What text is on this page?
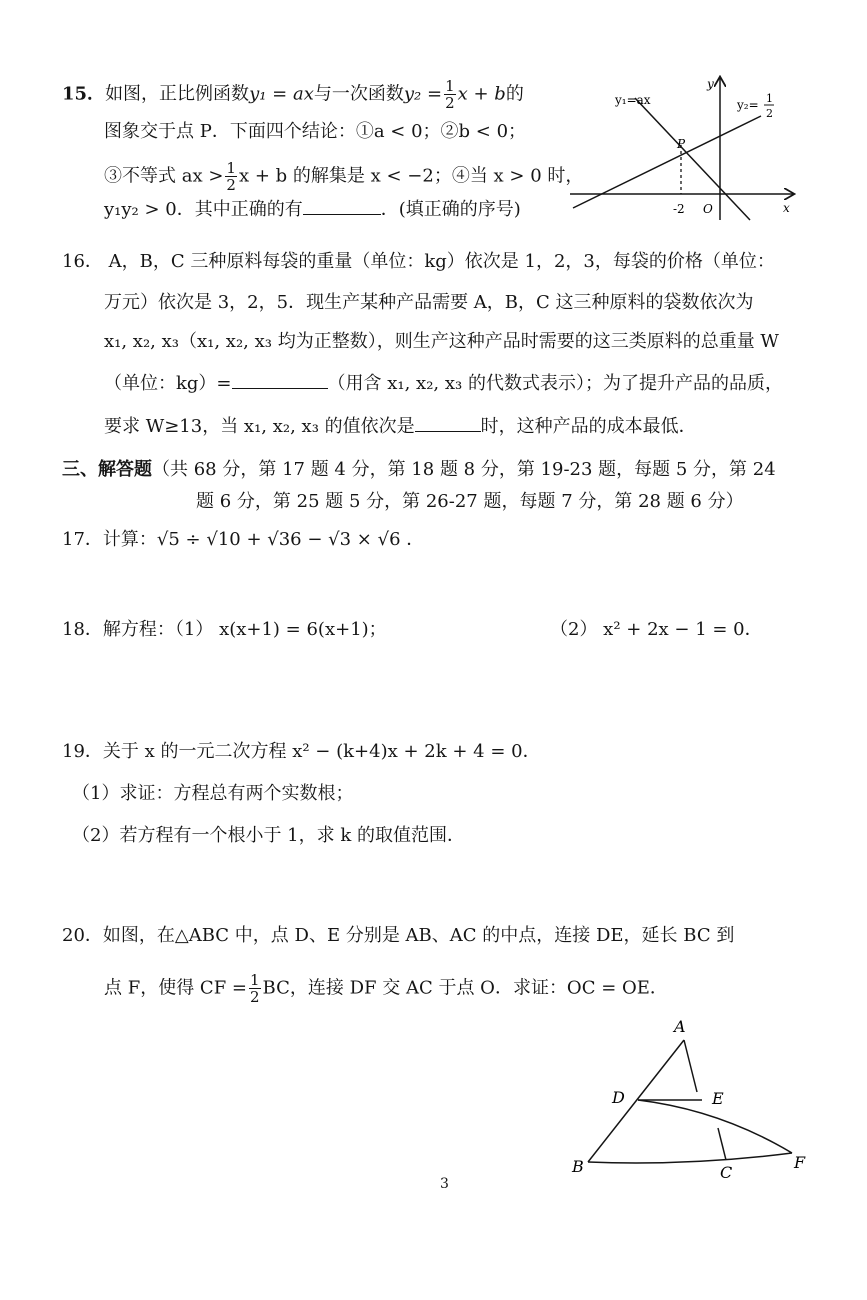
15．如图，正比例函数y₁ = ax与一次函数$y_2 = \frac{1}{2}$ x + b的
图象交于点 P．下面四个结论：①a < 0；②b < 0；
③不等式 ax > $\frac{1}{2}$ x + b 的解集是 x < −2；④当 x > 0 时，
y₁y₂ > 0．其中正确的有	．(填正确的序号)
y₁=ax	y₂= 1
2
y
x
P
-2 O
16． A，B，C 三种原料每袋的重量（单位：kg）依次是 1，2，3，每袋的价格（单位：
万元）依次是 3，2，5．现生产某种产品需要 A，B，C 这三种原料的袋数依次为
x₁, x₂, x₃（x₁, x₂, x₃ 均为正整数），则生产这种产品时需要的这三类原料的总重量 W
（单位：kg）=	（用含 x₁, x₂, x₃ 的代数式表示）；为了提升产品的品质，
要求 W≥13，当 x₁, x₂, x₃ 的值依次是	时，这种产品的成本最低．
三、解答题（共 68 分，第 17 题 4 分，第 18 题 8 分，第 19-23 题，每题 5 分，第 24
题 6 分，第 25 题 5 分，第 26-27 题，每题 7 分，第 28 题 6 分）
17．计算：√5 ÷ √10 + √36 − √3 × √6 ．
18．解方程：（1） x(x+1) = 6(x+1)；	（2） x² + 2x − 1 = 0．
19．关于 x 的一元二次方程 x² − (k+4)x + 2k + 4 = 0．
（1）求证：方程总有两个实数根；
（2）若方程有一个根小于 1，求 k 的取值范围．
20．如图，在△ABC 中，点 D、E 分别是 AB、AC 的中点，连接 DE，延长 BC 到
点 F，使得 CF = $\frac{1}{2}$ BC，连接 DF 交 AC 于点 O．求证：OC = OE．
A
D	E
B	C
F
3
